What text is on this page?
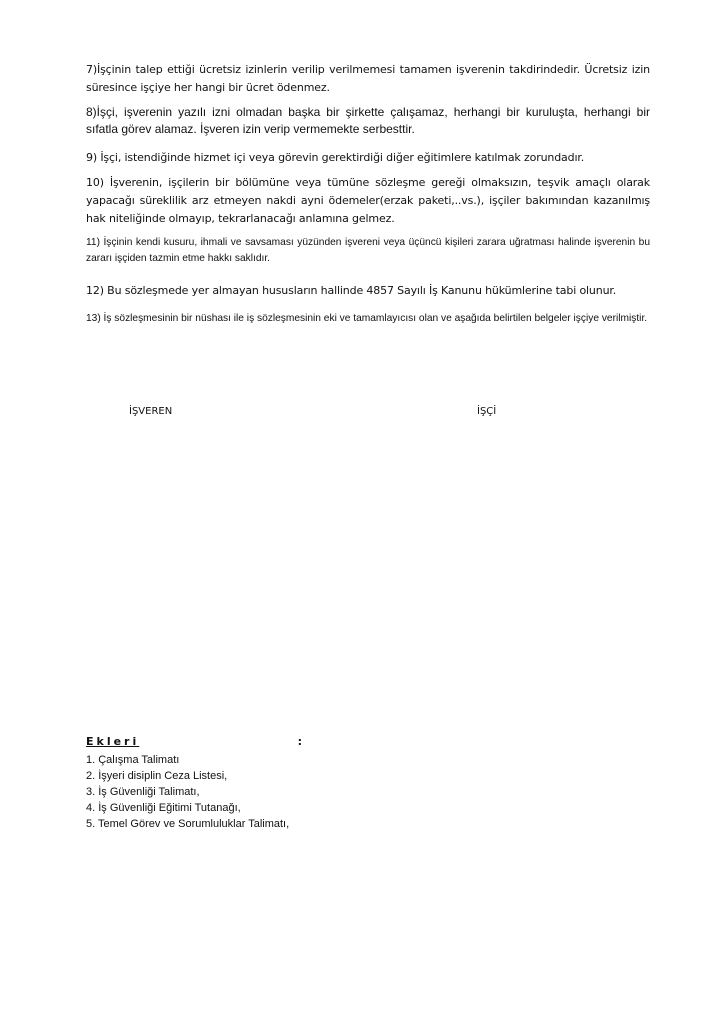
7)İşçinin talep ettiği ücretsiz izinlerin verilip verilmemesi tamamen işverenin takdirindedir. Ücretsiz izin süresince işçiye her hangi bir ücret ödenmez.

8)İşçi, işverenin yazılı izni olmadan başka bir şirkette çalışamaz, herhangi bir kuruluşta, herhangi bir sıfatla görev alamaz. İşveren izin verip vermemekte serbesttir.

9) İşçi, istendiğinde hizmet içi veya görevin gerektirdiği diğer eğitimlere katılmak zorundadır.

10) İşverenin, işçilerin bir bölümüne veya tümüne sözleşme gereği olmaksızın, teşvik amaçlı olarak yapacağı süreklilik arz etmeyen nakdi ayni ödemeler(erzak paketi,..vs.), işçiler bakımından kazanılmış hak niteliğinde olmayıp, tekrarlanacağı anlamına gelmez.

11) İşçinin kendi kusuru, ihmali ve savsaması yüzünden işvereni veya üçüncü kişileri zarara uğratması halinde işverenin bu zararı işçiden tazmin etme hakkı saklıdır.

12) Bu sözleşmede yer almayan hususların hallinde 4857 Sayılı İş Kanunu hükümlerine tabi olunur.

13) İş sözleşmesinin bir nüshası ile iş sözleşmesinin eki ve tamamlayıcısı olan ve aşağıda belirtilen belgeler işçiye verilmiştir.

İŞVEREN	İŞÇİ
Ekleri	:
1. Çalışma Talimatı
2. İşyeri disiplin Ceza Listesi,
3. İş Güvenliği Talimatı,
4. İş Güvenliği Eğitimi Tutanağı,
5. Temel Görev ve Sorumluluklar Talimatı,
